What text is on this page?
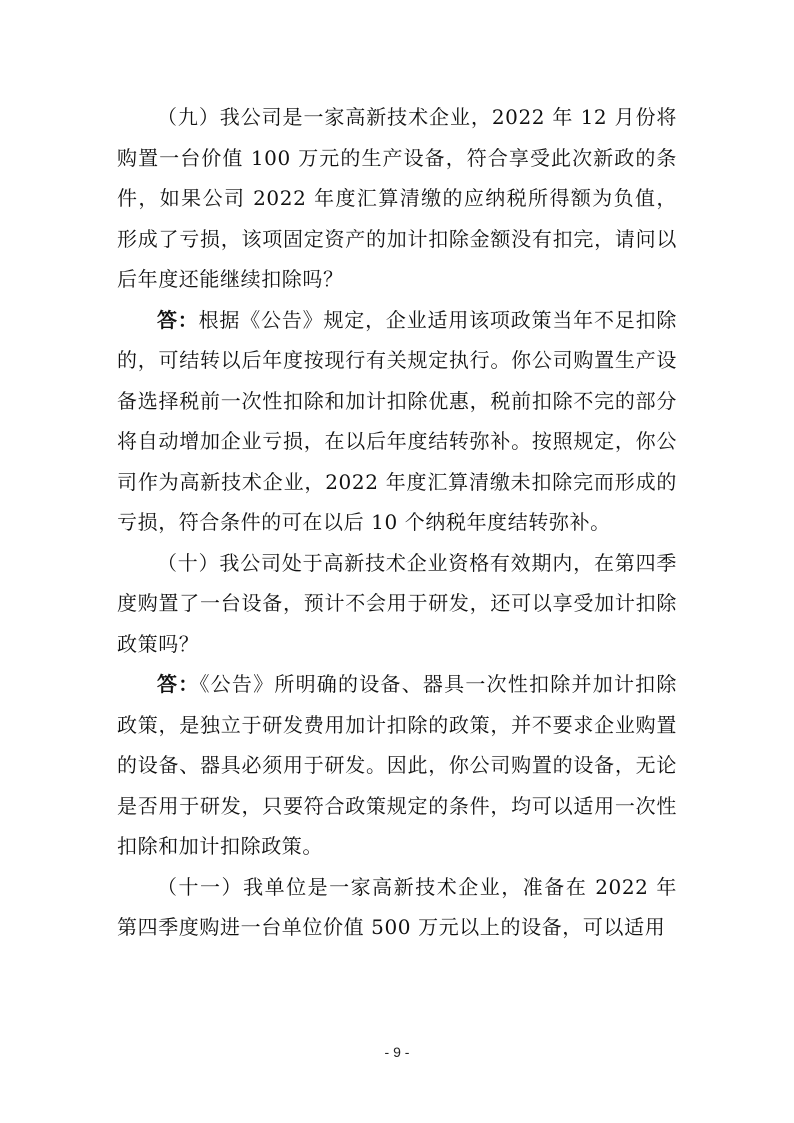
（九）我公司是一家高新技术企业，2022 年 12 月份将购置一台价值 100 万元的生产设备，符合享受此次新政的条件，如果公司 2022 年度汇算清缴的应纳税所得额为负值，形成了亏损，该项固定资产的加计扣除金额没有扣完，请问以后年度还能继续扣除吗？

答：根据《公告》规定，企业适用该项政策当年不足扣除的，可结转以后年度按现行有关规定执行。你公司购置生产设备选择税前一次性扣除和加计扣除优惠，税前扣除不完的部分将自动增加企业亏损，在以后年度结转弥补。按照规定，你公司作为高新技术企业，2022 年度汇算清缴未扣除完而形成的亏损，符合条件的可在以后 10 个纳税年度结转弥补。

（十）我公司处于高新技术企业资格有效期内，在第四季度购置了一台设备，预计不会用于研发，还可以享受加计扣除政策吗？

答：《公告》所明确的设备、器具一次性扣除并加计扣除政策，是独立于研发费用加计扣除的政策，并不要求企业购置的设备、器具必须用于研发。因此，你公司购置的设备，无论是否用于研发，只要符合政策规定的条件，均可以适用一次性扣除和加计扣除政策。

（十一）我单位是一家高新技术企业，准备在 2022 年第四季度购进一台单位价值 500 万元以上的设备，可以适用

- 9 -
